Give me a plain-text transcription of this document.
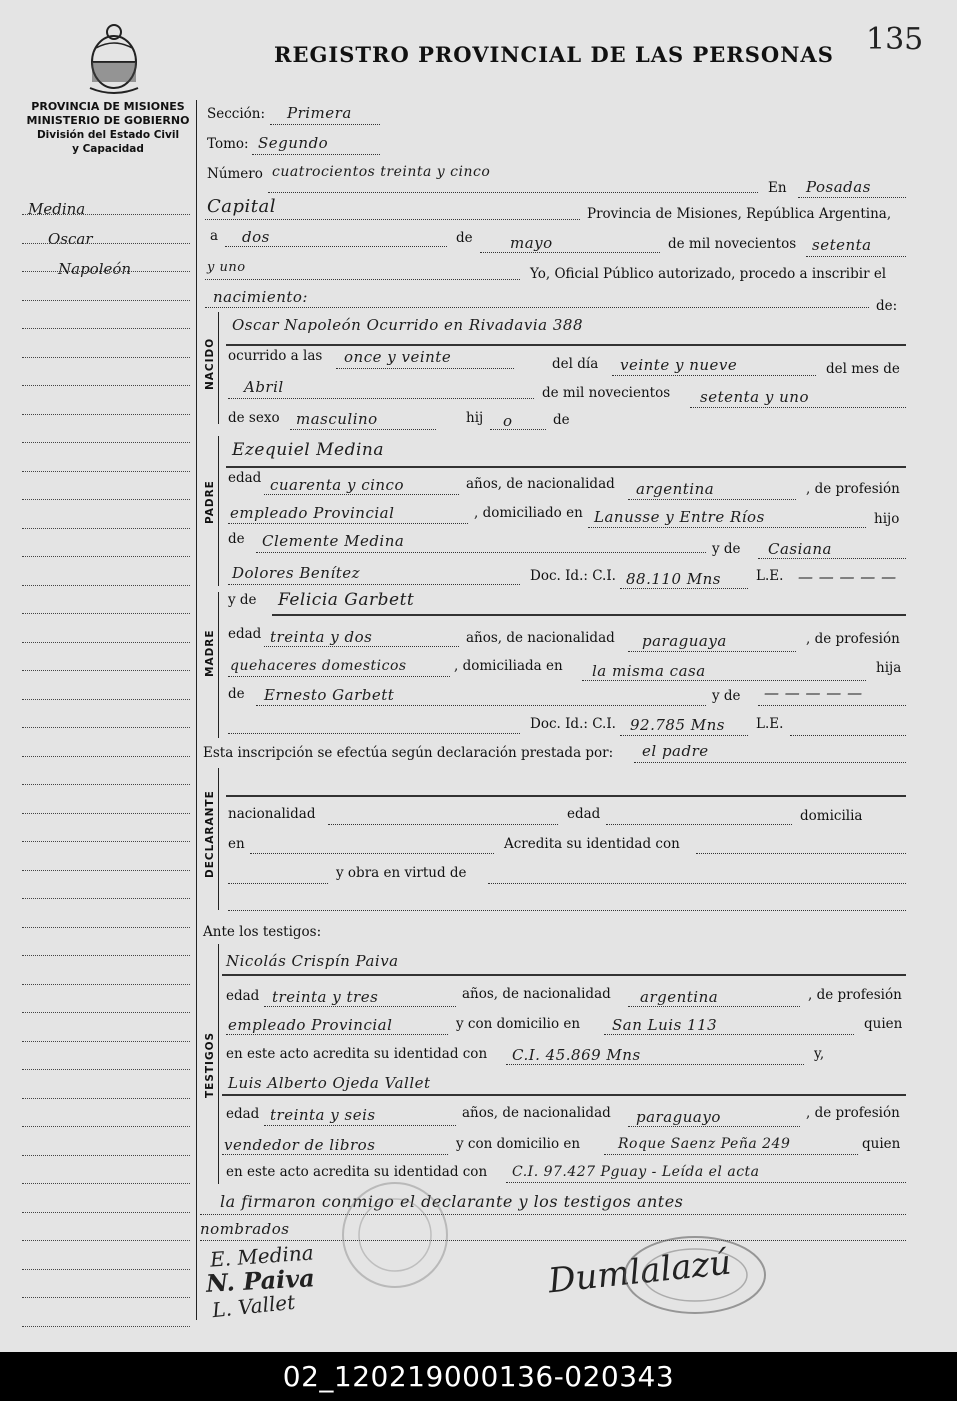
REGISTRO PROVINCIAL DE LAS PERSONAS 135
PROVINCIA DE MISIONES
MINISTERIO DE GOBIERNO
División del Estado Civil
y Capacidad
Medina
Oscar
Napoleón
Sección: Primera
Tomo: Segundo
Número cuatrocientos treinta y cinco
En Posadas
Capital	Provincia de Misiones, República Argentina,
a dos	de mayo	de mil novecientos setenta
y uno	Yo, Oficial Público autorizado, procedo a inscribir el
nacimiento:	de:
NACIDO
Oscar Napoleón Ocurrido en Rivadavia 388
ocurrido a las once y veinte	del día veinte y nueve	del mes de
Abril	de mil novecientos setenta y uno
de sexo masculino	hij o	de
PADRE
Ezequiel Medina
edad cuarenta y cinco	años, de nacionalidad argentina	, de profesión
empleado Provincial	, domiciliado en Lanusse y Entre Ríos	hijo
de Clemente Medina	y de Casiana
Dolores Benítez	Doc. Id.: C.I. 88.110 Mns	L.E. — — — — —
MADRE
y de Felicia Garbett
edad treinta y dos	años, de nacionalidad paraguaya	, de profesión
quehaceres domesticos	, domiciliada en la misma casa	hija
de Ernesto Garbett	y de — — — — —
Doc. Id.: C.I. 92.785 Mns L.E.
Esta inscripción se efectúa según declaración prestada por: el padre
DECLARANTE nacionalidad	edad	domicilia
en	Acredita su identidad con
y obra en virtud de
Ante los testigos:
TESTIGOS
Nicolás Crispín Paiva
edad treinta y tres	años, de nacionalidad argentina	, de profesión
empleado Provincial	y con domicilio en San Luis 113	quien
en este acto acredita su identidad con C.I. 45.869 Mns	y,
Luis Alberto Ojeda Vallet
edad treinta y seis	años, de nacionalidad paraguayo	, de profesión
vendedor de libros	y con domicilio en	Roque Saenz Peña 249	quien
en este acto acredita su identidad con C.I. 97.427 Pguay - Leída el acta
la firmaron conmigo el declarante y los testigos antes
nombrados
E. Medina
N. Paiva
L. Vallet
Dumlalazú
02_120219000136-020343
